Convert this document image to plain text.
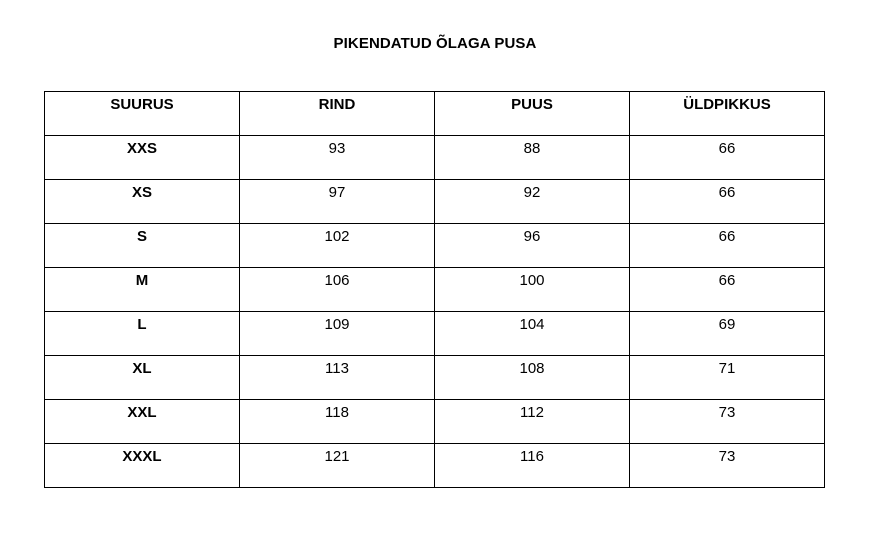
PIKENDATUD ÕLAGA PUSA
SUURUS	RIND	PUUS	ÜLDPIKKUS
XXS	93	88	66
XS	97	92	66
S	102	96	66
M	106	100	66
L	109	104	69
XL	113	108	71
XXL	118	112	73
XXXL	121	116	73
